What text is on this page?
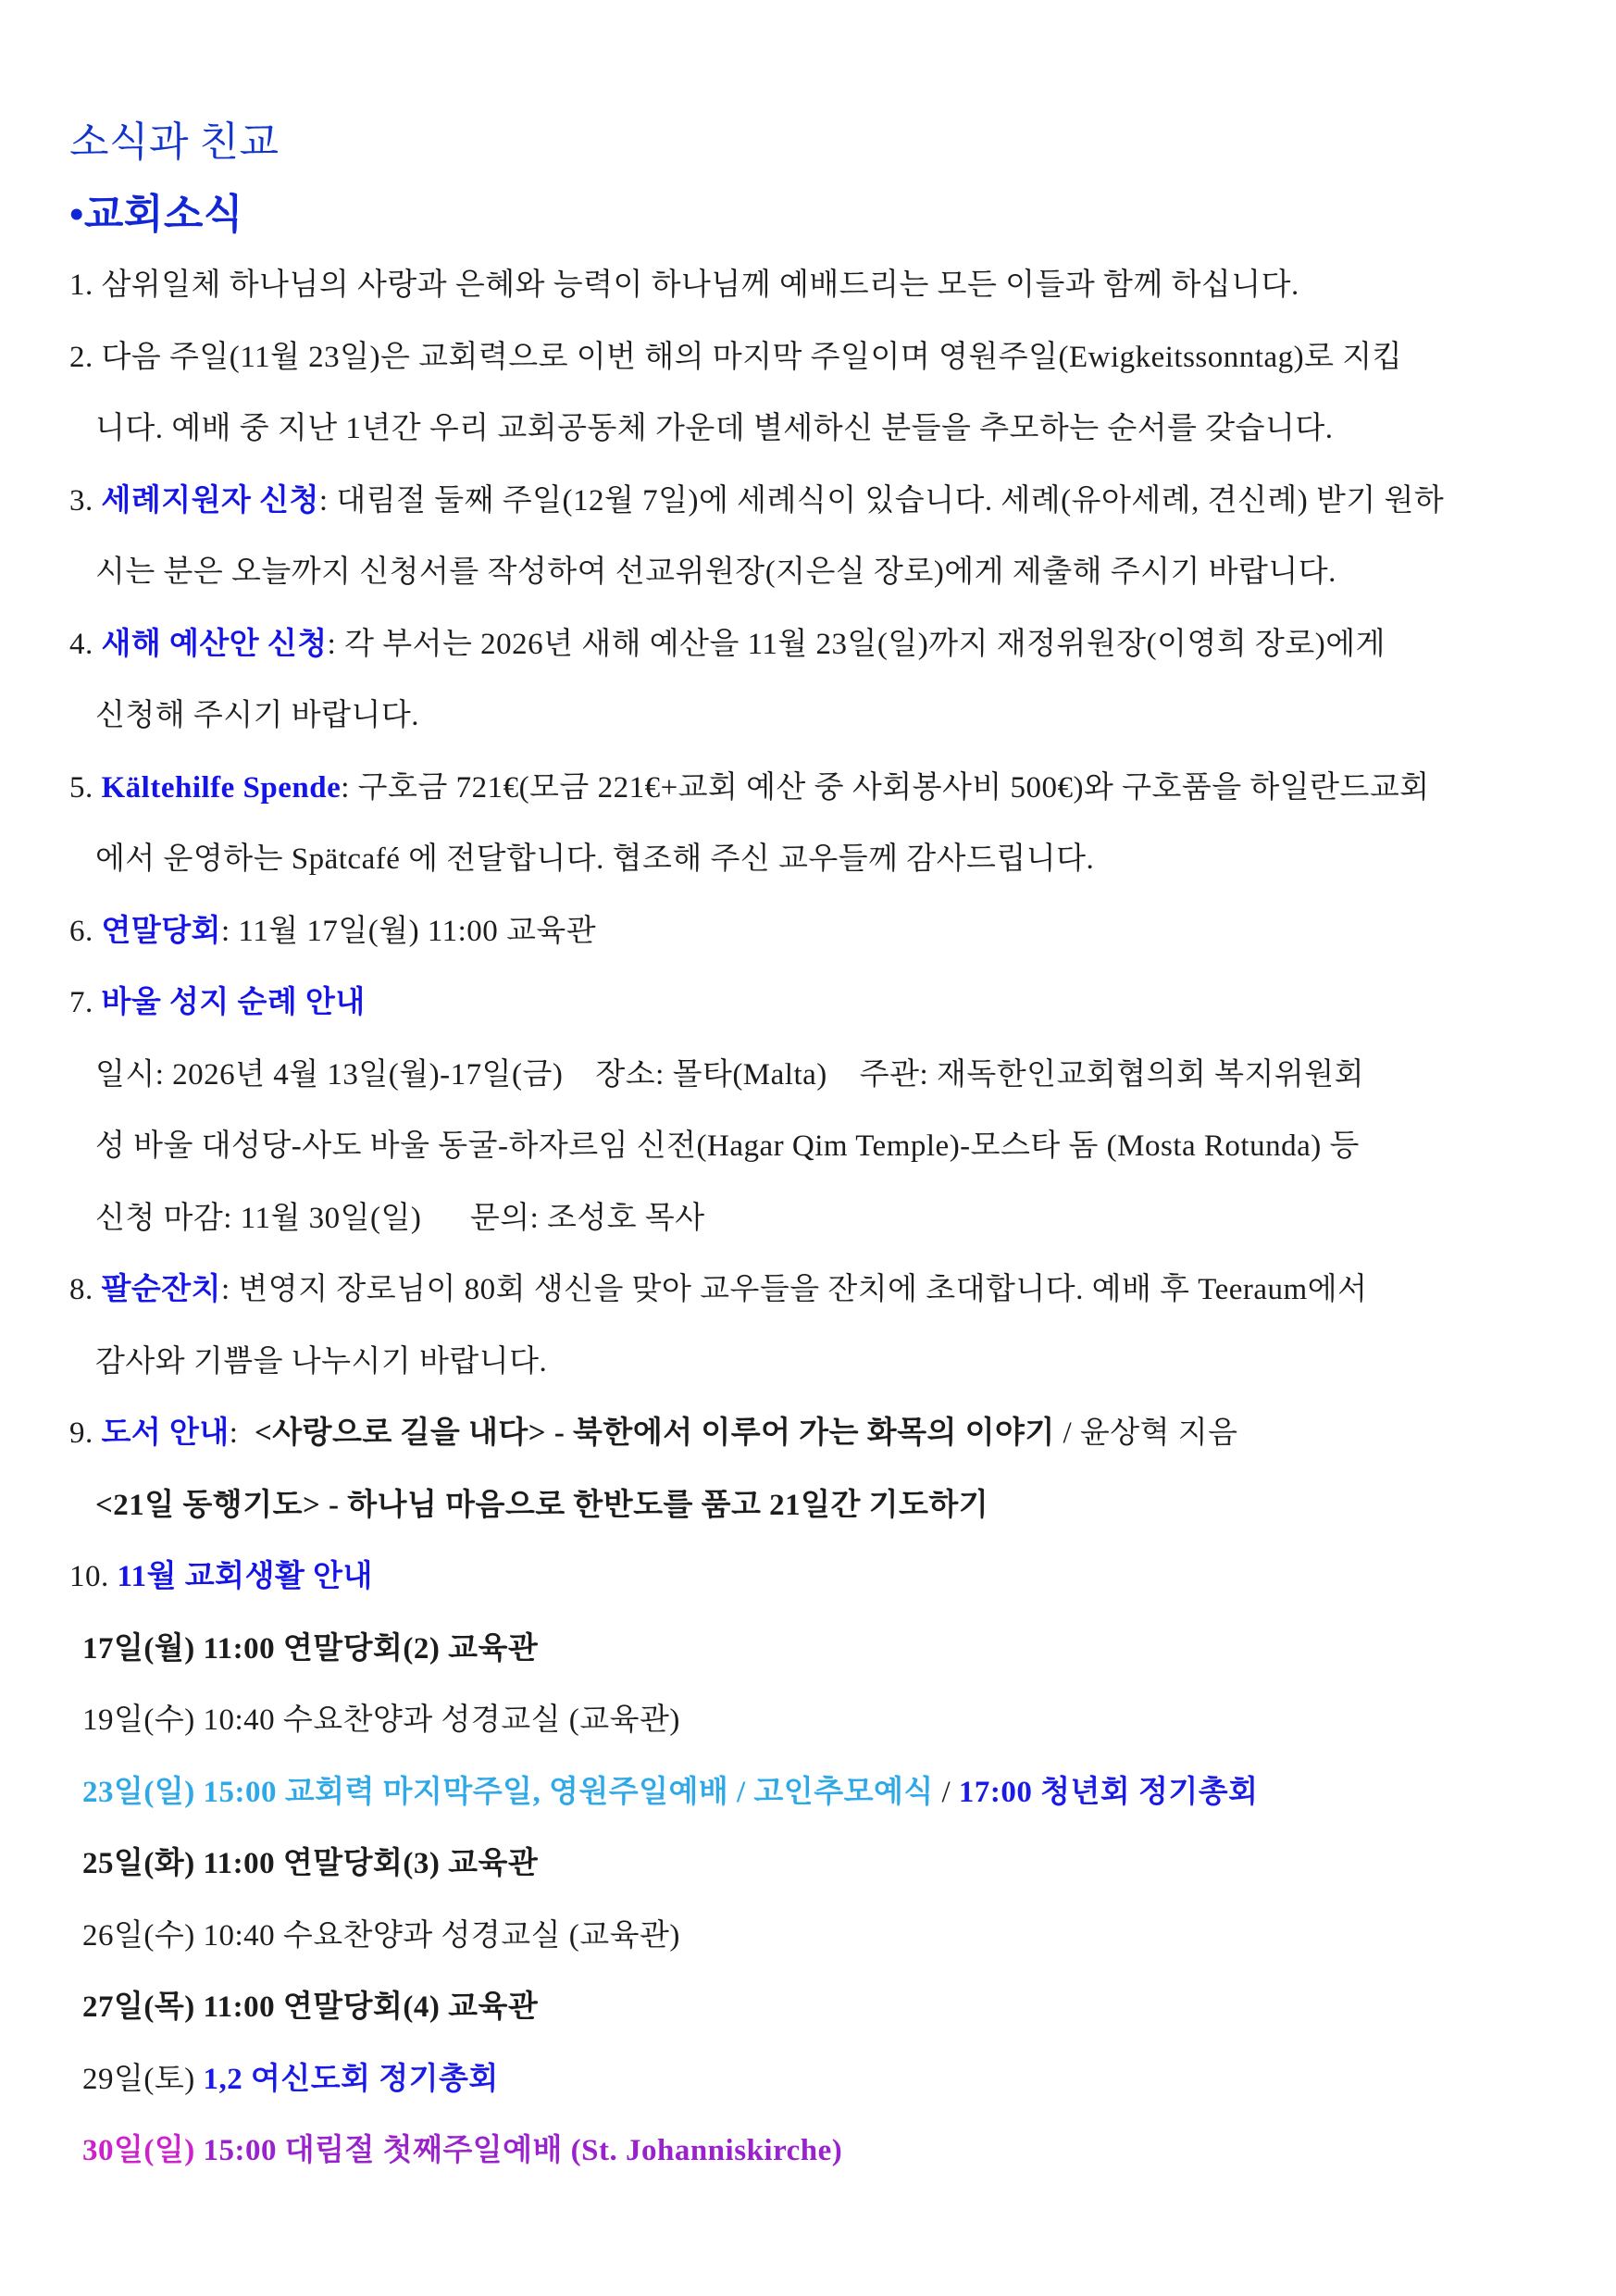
소식과 친교
•교회소식
1. 삼위일체 하나님의 사랑과 은혜와 능력이 하나님께 예배드리는 모든 이들과 함께 하십니다.
2. 다음 주일(11월 23일)은 교회력으로 이번 해의 마지막 주일이며 영원주일(Ewigkeitssonntag)로 지킵
니다. 예배 중 지난 1년간 우리 교회공동체 가운데 별세하신 분들을 추모하는 순서를 갖습니다.
3. 세례지원자 신청: 대림절 둘째 주일(12월 7일)에 세례식이 있습니다. 세례(유아세례, 견신례) 받기 원하
시는 분은 오늘까지 신청서를 작성하여 선교위원장(지은실 장로)에게 제출해 주시기 바랍니다.
4. 새해 예산안 신청: 각 부서는 2026년 새해 예산을 11월 23일(일)까지 재정위원장(이영희 장로)에게
신청해 주시기 바랍니다.
5. Kältehilfe Spende: 구호금 721€(모금 221€+교회 예산 중 사회봉사비 500€)와 구호품을 하일란드교회
에서 운영하는 Spätcafé 에 전달합니다. 협조해 주신 교우들께 감사드립니다.
6. 연말당회: 11월 17일(월) 11:00 교육관
7. 바울 성지 순례 안내
일시: 2026년 4월 13일(월)-17일(금)    장소: 몰타(Malta)    주관: 재독한인교회협의회 복지위원회
성 바울 대성당-사도 바울 동굴-하자르임 신전(Hagar Qim Temple)-모스타 돔 (Mosta Rotunda) 등
신청 마감: 11월 30일(일)      문의: 조성호 목사
8. 팔순잔치: 변영지 장로님이 80회 생신을 맞아 교우들을 잔치에 초대합니다. 예배 후 Teeraum에서
감사와 기쁨을 나누시기 바랍니다.
9. 도서 안내:  <사랑으로 길을 내다> - 북한에서 이루어 가는 화목의 이야기 / 윤상혁 지음
<21일 동행기도> - 하나님 마음으로 한반도를 품고 21일간 기도하기
10. 11월 교회생활 안내
17일(월) 11:00 연말당회(2) 교육관
19일(수) 10:40 수요찬양과 성경교실 (교육관)
23일(일) 15:00 교회력 마지막주일, 영원주일예배 / 고인추모예식 / 17:00 청년회 정기총회
25일(화) 11:00 연말당회(3) 교육관
26일(수) 10:40 수요찬양과 성경교실 (교육관)
27일(목) 11:00 연말당회(4) 교육관
29일(토) 1,2 여신도회 정기총회
30일(일) 15:00 대림절 첫째주일예배 (St. Johanniskirche)
